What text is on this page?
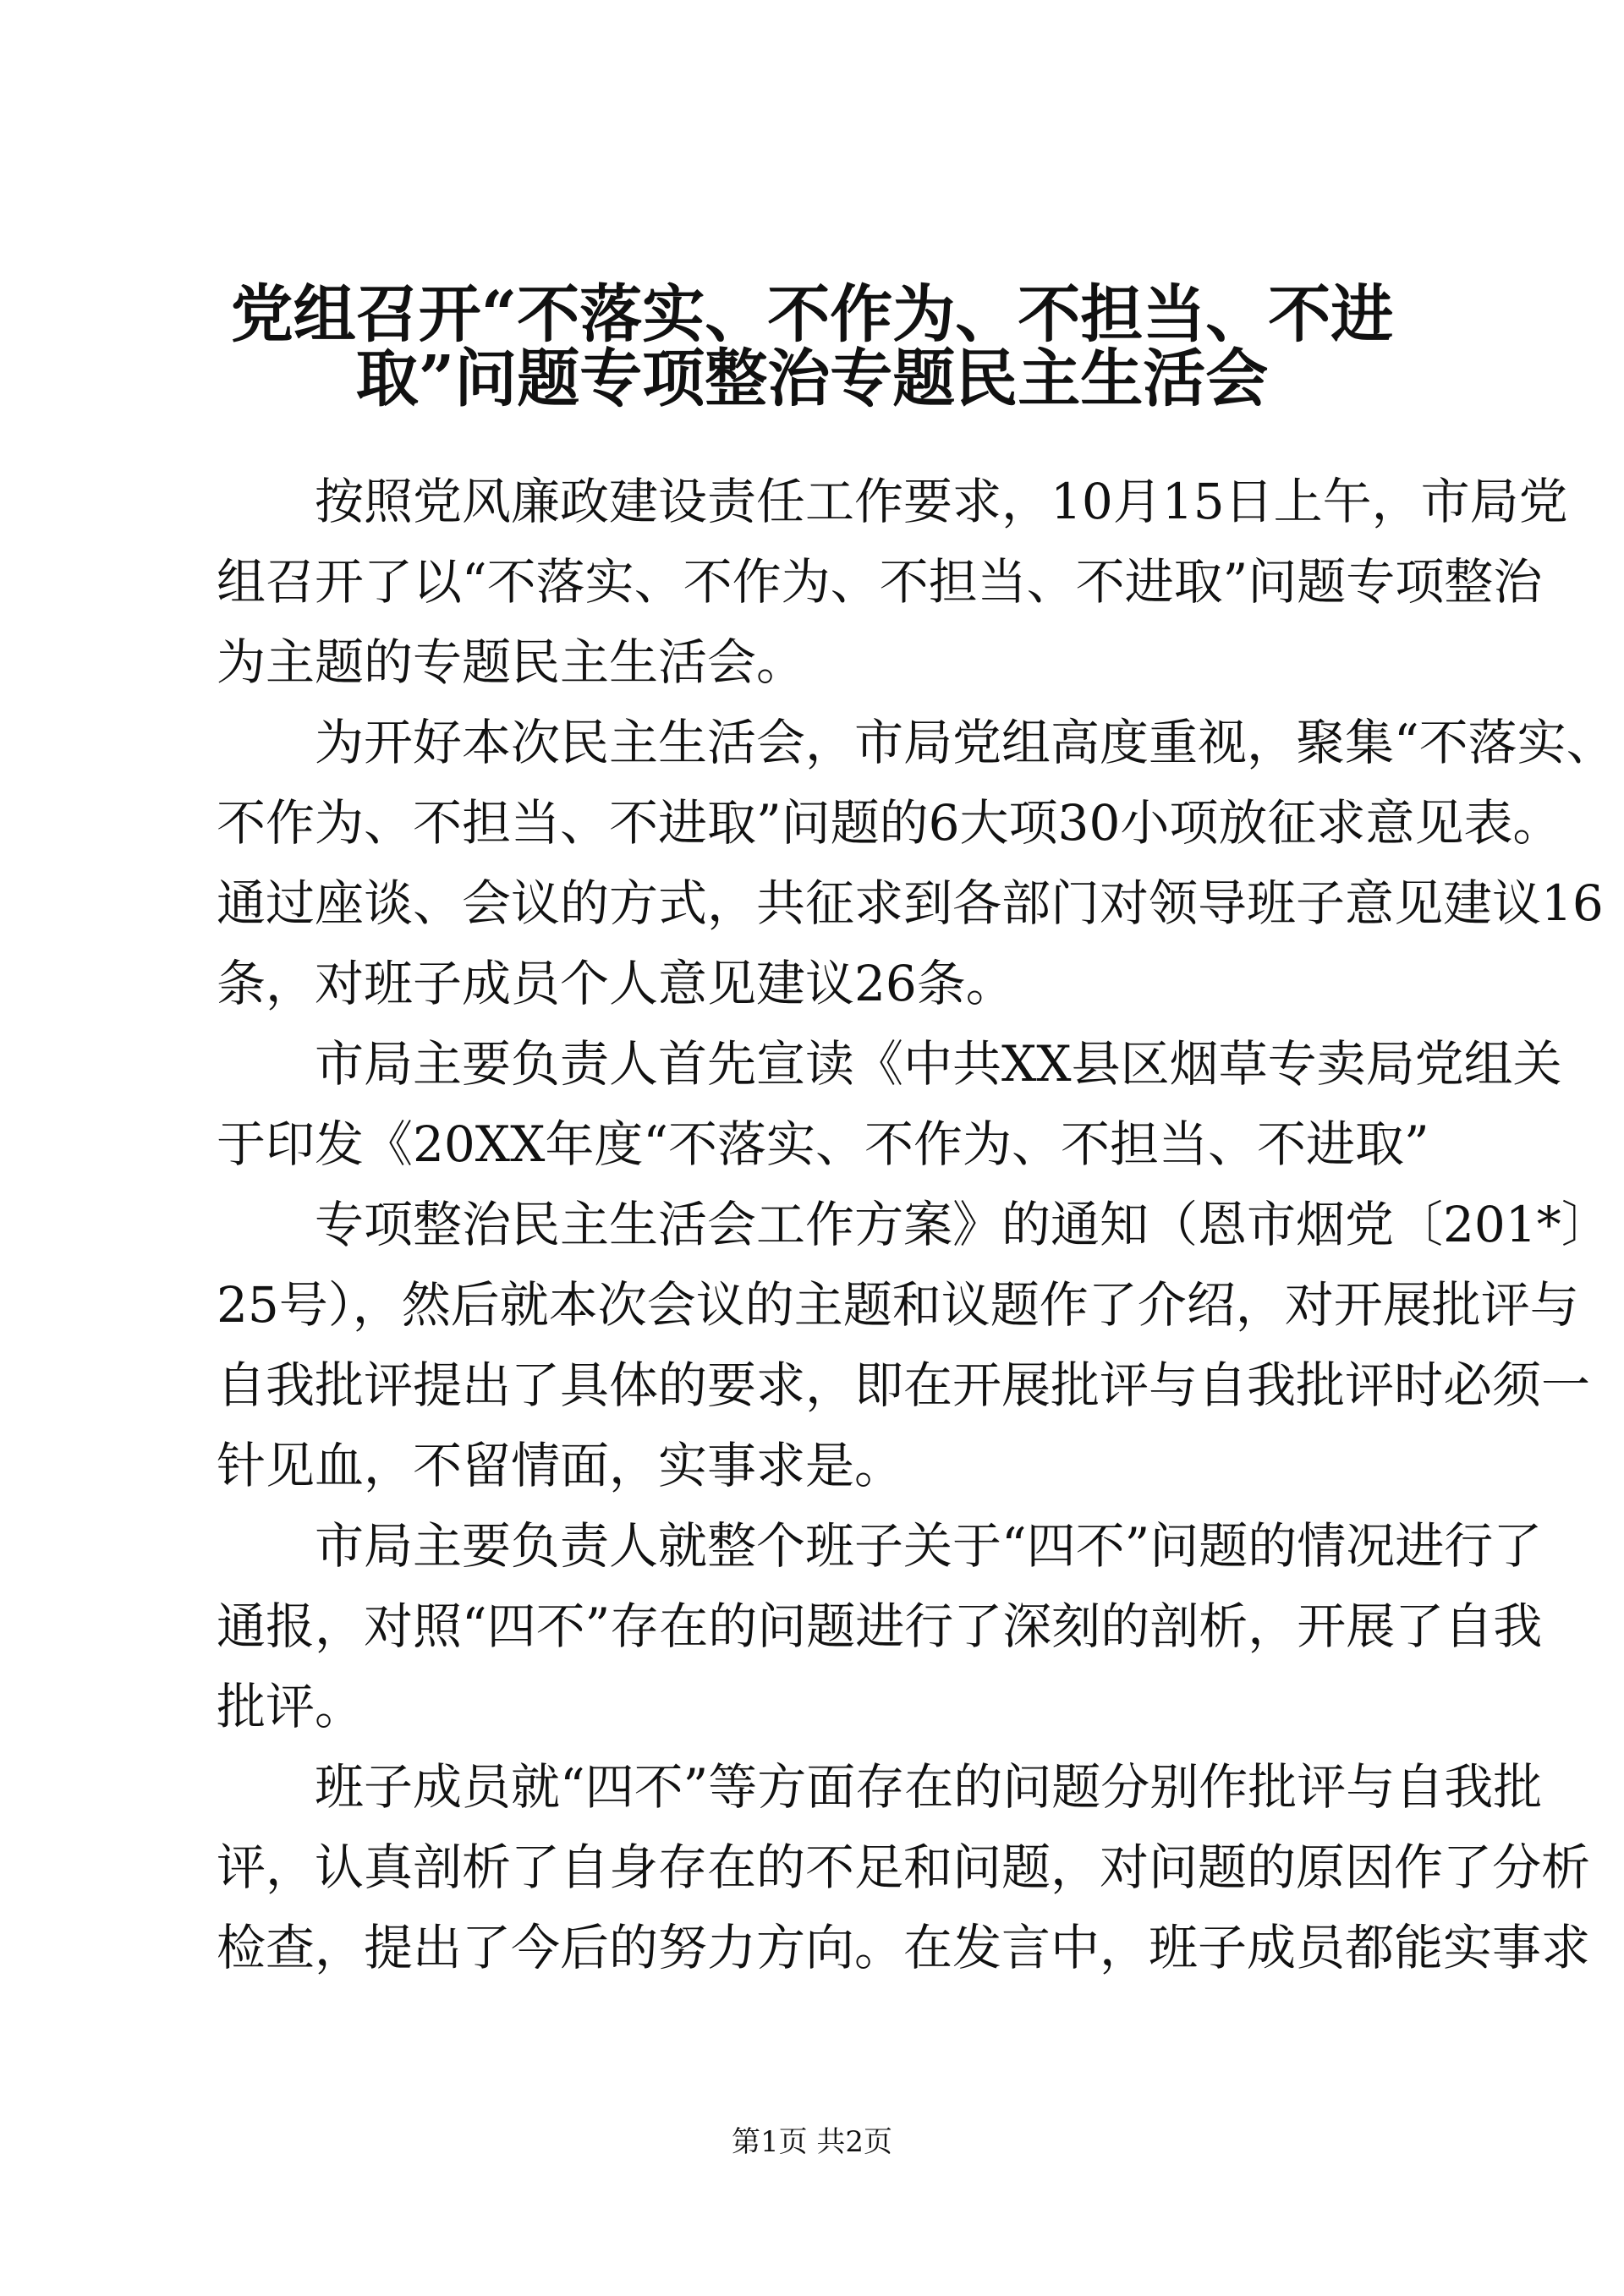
党组召开“不落实、不作为、不担当、不进
取”问题专项整治专题民主生活会
按照党风廉政建设责任工作要求，10月15日上午，市局党
组召开了以“不落实、不作为、不担当、不进取”问题专项整治
为主题的专题民主生活会。
为开好本次民主生活会，市局党组高度重视，聚集“不落实、
不作为、不担当、不进取”问题的6大项30小项放征求意见表。
通过座谈、会议的方式，共征求到各部门对领导班子意见建议16
条，对班子成员个人意见建议26条。
市局主要负责人首先宣读《中共XX县区烟草专卖局党组关
于印发《20XX年度“不落实、不作为、不担当、不进取”
专项整治民主生活会工作方案》的通知（恩市烟党〔201*〕
25号），然后就本次会议的主题和议题作了介绍，对开展批评与
自我批评提出了具体的要求，即在开展批评与自我批评时必须一
针见血，不留情面，实事求是。
市局主要负责人就整个班子关于“四不”问题的情况进行了
通报，对照“四不”存在的问题进行了深刻的剖析，开展了自我
批评。
班子成员就“四不”等方面存在的问题分别作批评与自我批
评，认真剖析了自身存在的不足和问题，对问题的原因作了分析
检查，提出了今后的努力方向。在发言中，班子成员都能实事求
第1页 共2页
